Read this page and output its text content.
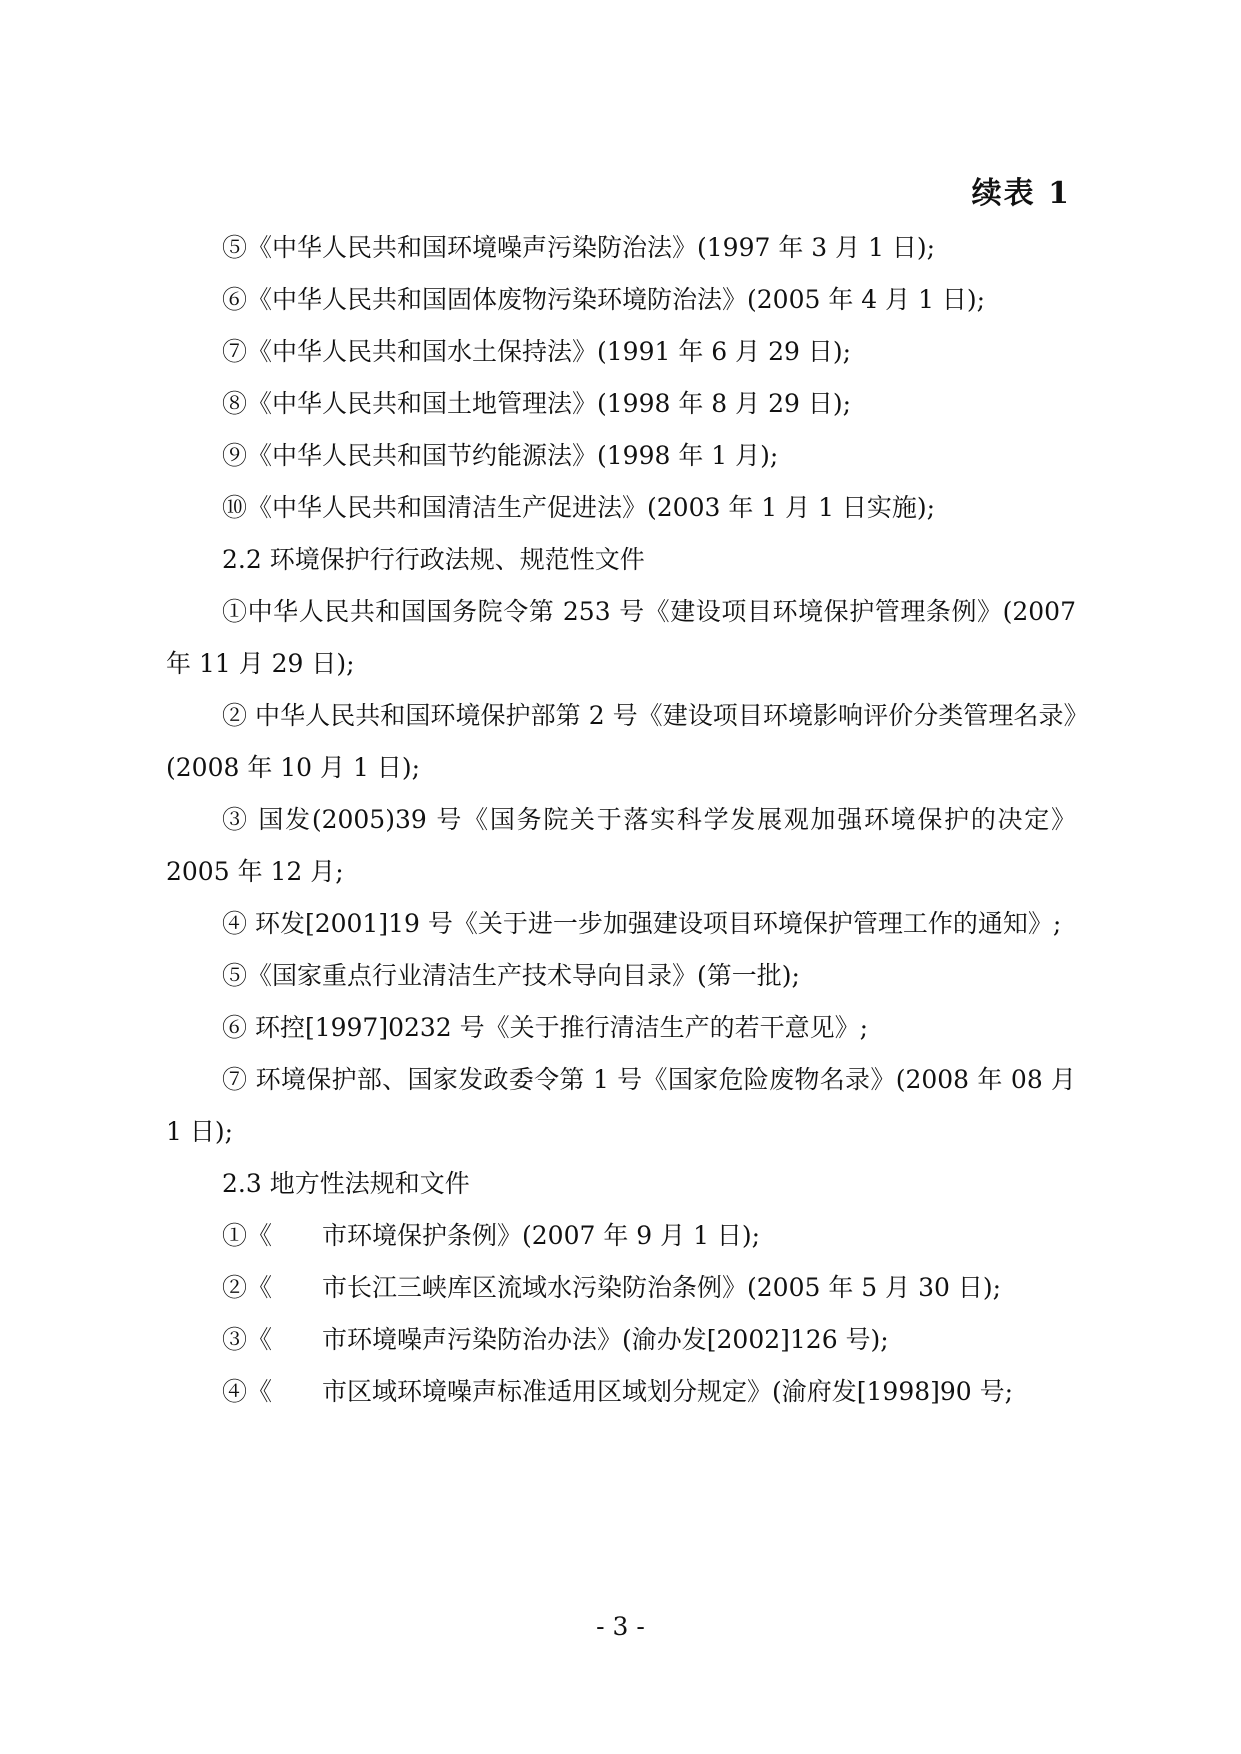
续表 1

⑤《中华人民共和国环境噪声污染防治法》(1997 年 3 月 1 日);

⑥《中华人民共和国固体废物污染环境防治法》(2005 年 4 月 1 日);

⑦《中华人民共和国水土保持法》(1991 年 6 月 29 日);

⑧《中华人民共和国土地管理法》(1998 年 8 月 29 日);

⑨《中华人民共和国节约能源法》(1998 年 1 月);

⑩《中华人民共和国清洁生产促进法》(2003 年 1 月 1 日实施);

2.2 环境保护行行政法规、规范性文件

①中华人民共和国国务院令第 253 号《建设项目环境保护管理条例》(2007 年 11 月 29 日);

② 中华人民共和国环境保护部第 2 号《建设项目环境影响评价分类管理名录》(2008 年 10 月 1 日);

③ 国发(2005)39 号《国务院关于落实科学发展观加强环境保护的决定》2005 年 12 月;

④ 环发[2001]19 号《关于进一步加强建设项目环境保护管理工作的通知》;

⑤《国家重点行业清洁生产技术导向目录》(第一批);

⑥ 环控[1997]0232 号《关于推行清洁生产的若干意见》;

⑦ 环境保护部、国家发政委令第 1 号《国家危险废物名录》(2008 年 08 月 1 日);

2.3 地方性法规和文件

①《　　市环境保护条例》(2007 年 9 月 1 日);

②《　　市长江三峡库区流域水污染防治条例》(2005 年 5 月 30 日);

③《　　市环境噪声污染防治办法》(渝办发[2002]126 号);

④《　　市区域环境噪声标准适用区域划分规定》(渝府发[1998]90 号;

- 3 -
